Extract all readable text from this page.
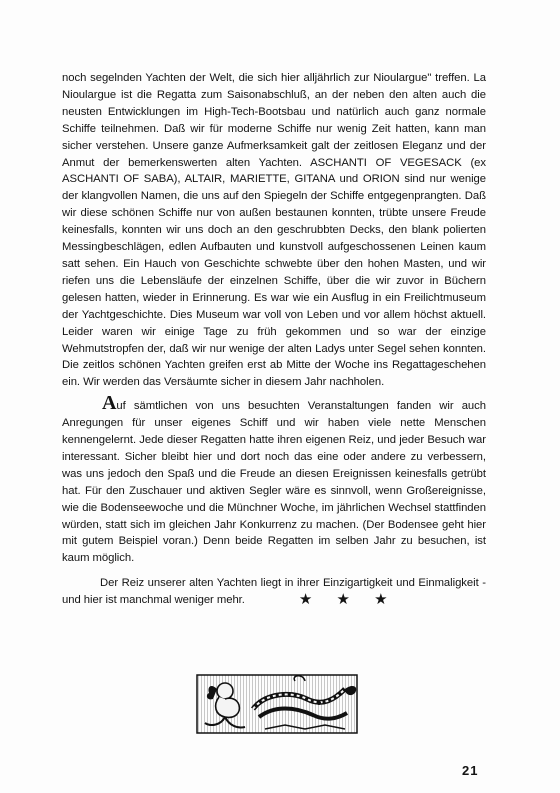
noch segelnden Yachten der Welt, die sich hier alljährlich zur Nioulargue" treffen. La Nioulargue ist die Regatta zum Saisonabschluß, an der neben den alten auch die neusten Entwicklungen im High-Tech-Bootsbau und natürlich auch ganz normale Schiffe teilnehmen. Daß wir für moderne Schiffe nur wenig Zeit hatten, kann man sicher verstehen. Unsere ganze Aufmerksamkeit galt der zeitlosen Eleganz und der Anmut der bemerkenswerten alten Yachten. ASCHANTI OF VEGESACK (ex ASCHANTI OF SABA), ALTAIR, MARIETTE, GITANA und ORION sind nur wenige der klangvollen Namen, die uns auf den Spiegeln der Schiffe entgegenprangten. Daß wir diese schönen Schiffe nur von außen bestaunen konnten, trübte unsere Freude keinesfalls, konnten wir uns doch an den geschrubbten Decks, den blank polierten Messingbeschlägen, edlen Aufbauten und kunstvoll aufgeschossenen Leinen kaum satt sehen. Ein Hauch von Geschichte schwebte über den hohen Masten, und wir riefen uns die Lebensläufe der einzelnen Schiffe, über die wir zuvor in Büchern gelesen hatten, wieder in Erinnerung. Es war wie ein Ausflug in ein Freilichtmuseum der Yachtgeschichte. Dies Museum war voll von Leben und vor allem höchst aktuell. Leider waren wir einige Tage zu früh gekommen und so war der einzige Wehmutstropfen der, daß wir nur wenige der alten Ladys unter Segel sehen konnten. Die zeitlos schönen Yachten greifen erst ab Mitte der Woche ins Regattageschehen ein. Wir werden das Versäumte sicher in diesem Jahr nachholen.

Auf sämtlichen von uns besuchten Veranstaltungen fanden wir auch Anregungen für unser eigenes Schiff und wir haben viele nette Menschen kennengelernt. Jede dieser Regatten hatte ihren eigenen Reiz, und jeder Besuch war interessant. Sicher bleibt hier und dort noch das eine oder andere zu verbessern, was uns jedoch den Spaß und die Freude an diesen Ereignissen keinesfalls getrübt hat. Für den Zuschauer und aktiven Segler wäre es sinnvoll, wenn Großereignisse, wie die Bodenseewoche und die Münchner Woche, im jährlichen Wechsel stattfinden würden, statt sich im gleichen Jahr Konkurrenz zu machen. (Der Bodensee geht hier mit gutem Beispiel voran.) Denn beide Regatten im selben Jahr zu besuchen, ist kaum möglich.

Der Reiz unserer alten Yachten liegt in ihrer Einzigartigkeit und Einmaligkeit - und hier ist manchmal weniger mehr.	★ ★ ★

21
